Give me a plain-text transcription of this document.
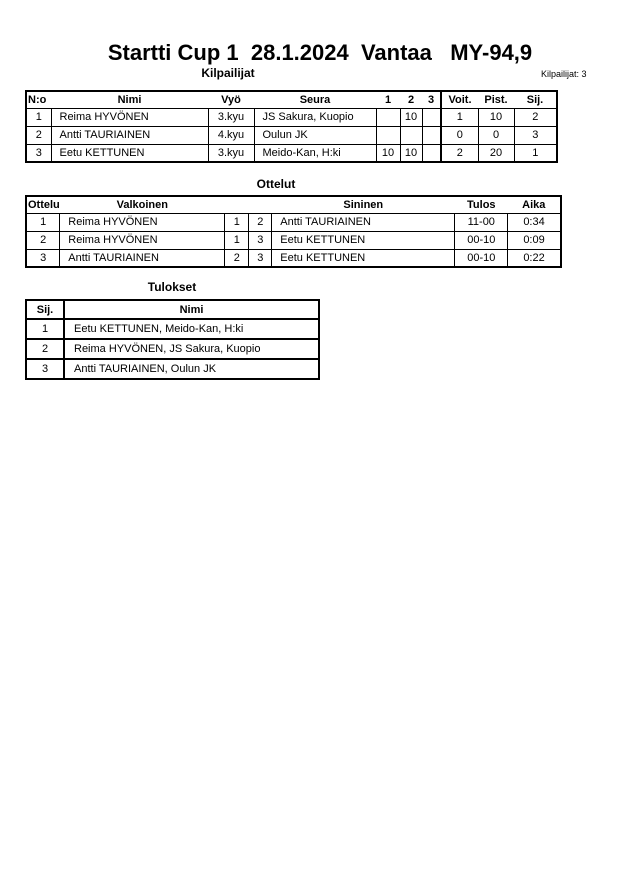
Startti Cup 1  28.1.2024  Vantaa   MY-94,9
Kilpailijat	Kilpailijat: 3
N:o	Nimi	Vyö	Seura	1	2	3	Voit.	Pist.	Sij.
1	Reima HYVÖNEN	3.kyu	JS Sakura, Kuopio		10		1	10	2
2	Antti TAURIAINEN	4.kyu	Oulun JK				0	0	3
3	Eetu KETTUNEN	3.kyu	Meido-Kan, H:ki	10	10		2	20	1
Ottelut
Ottelu	Valkoinen			Sininen	Tulos	Aika
1	Reima HYVÖNEN	1	2	Antti TAURIAINEN	11-00	0:34
2	Reima HYVÖNEN	1	3	Eetu KETTUNEN	00-10	0:09
3	Antti TAURIAINEN	2	3	Eetu KETTUNEN	00-10	0:22
Tulokset
Sij.	Nimi
1	Eetu KETTUNEN, Meido-Kan, H:ki
2	Reima HYVÖNEN, JS Sakura, Kuopio
3	Antti TAURIAINEN, Oulun JK
